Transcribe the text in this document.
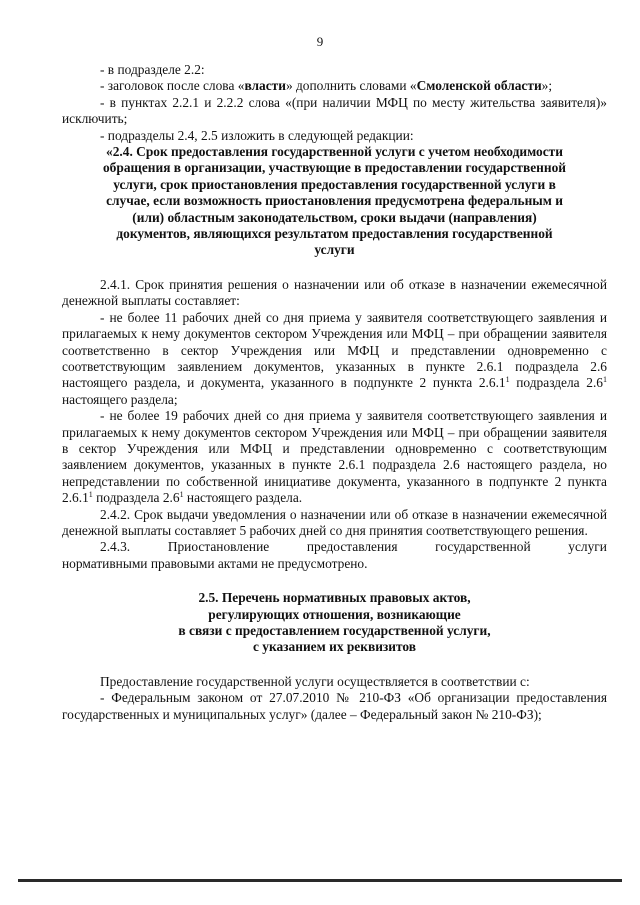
9

- в подразделе 2.2:

- заголовок после слова «власти» дополнить словами «Смоленской области»;

- в пунктах 2.2.1 и 2.2.2 слова «(при наличии МФЦ по месту жительства заявителя)» исключить;

- подразделы 2.4, 2.5 изложить в следующей редакции:

«2.4. Срок предоставления государственной услуги с учетом необходимости обращения в организации, участвующие в предоставлении государственной услуги, срок приостановления предоставления государственной услуги в случае, если возможность приостановления предусмотрена федеральным и (или) областным законодательством, сроки выдачи (направления) документов, являющихся результатом предоставления государственной услуги

2.4.1. Срок принятия решения о назначении или об отказе в назначении ежемесячной денежной выплаты составляет:

- не более 11 рабочих дней со дня приема у заявителя соответствующего заявления и прилагаемых к нему документов сектором Учреждения или МФЦ – при обращении заявителя соответственно в сектор Учреждения или МФЦ и представлении одновременно с соответствующим заявлением документов, указанных в пункте 2.6.1 подраздела 2.6 настоящего раздела, и документа, указанного в подпункте 2 пункта 2.6.1$^1$ подраздела $2.6^1$ настоящего раздела;

- не более 19 рабочих дней со дня приема у заявителя соответствующего заявления и прилагаемых к нему документов сектором Учреждения или МФЦ – при обращении заявителя в сектор Учреждения или МФЦ и представлении одновременно с соответствующим заявлением документов, указанных в пункте 2.6.1 подраздела 2.6 настоящего раздела, но непредставлении по собственной инициативе документа, указанного в подпункте 2 пункта 2.6.1$^1$ подраздела $2.6^1$ настоящего раздела.

2.4.2. Срок выдачи уведомления о назначении или об отказе в назначении ежемесячной денежной выплаты составляет 5 рабочих дней со дня принятия соответствующего решения.

2.4.3.	Приостановление	предоставления	государственной	услуги

нормативными правовыми актами не предусмотрено.

2.5. Перечень нормативных правовых актов,
регулирующих отношения, возникающие
в связи с предоставлением государственной услуги,
с указанием их реквизитов

Предоставление государственной услуги осуществляется в соответствии с:

- Федеральным законом от 27.07.2010 № 210-ФЗ «Об организации предоставления государственных и муниципальных услуг» (далее – Федеральный закон № 210-ФЗ);
